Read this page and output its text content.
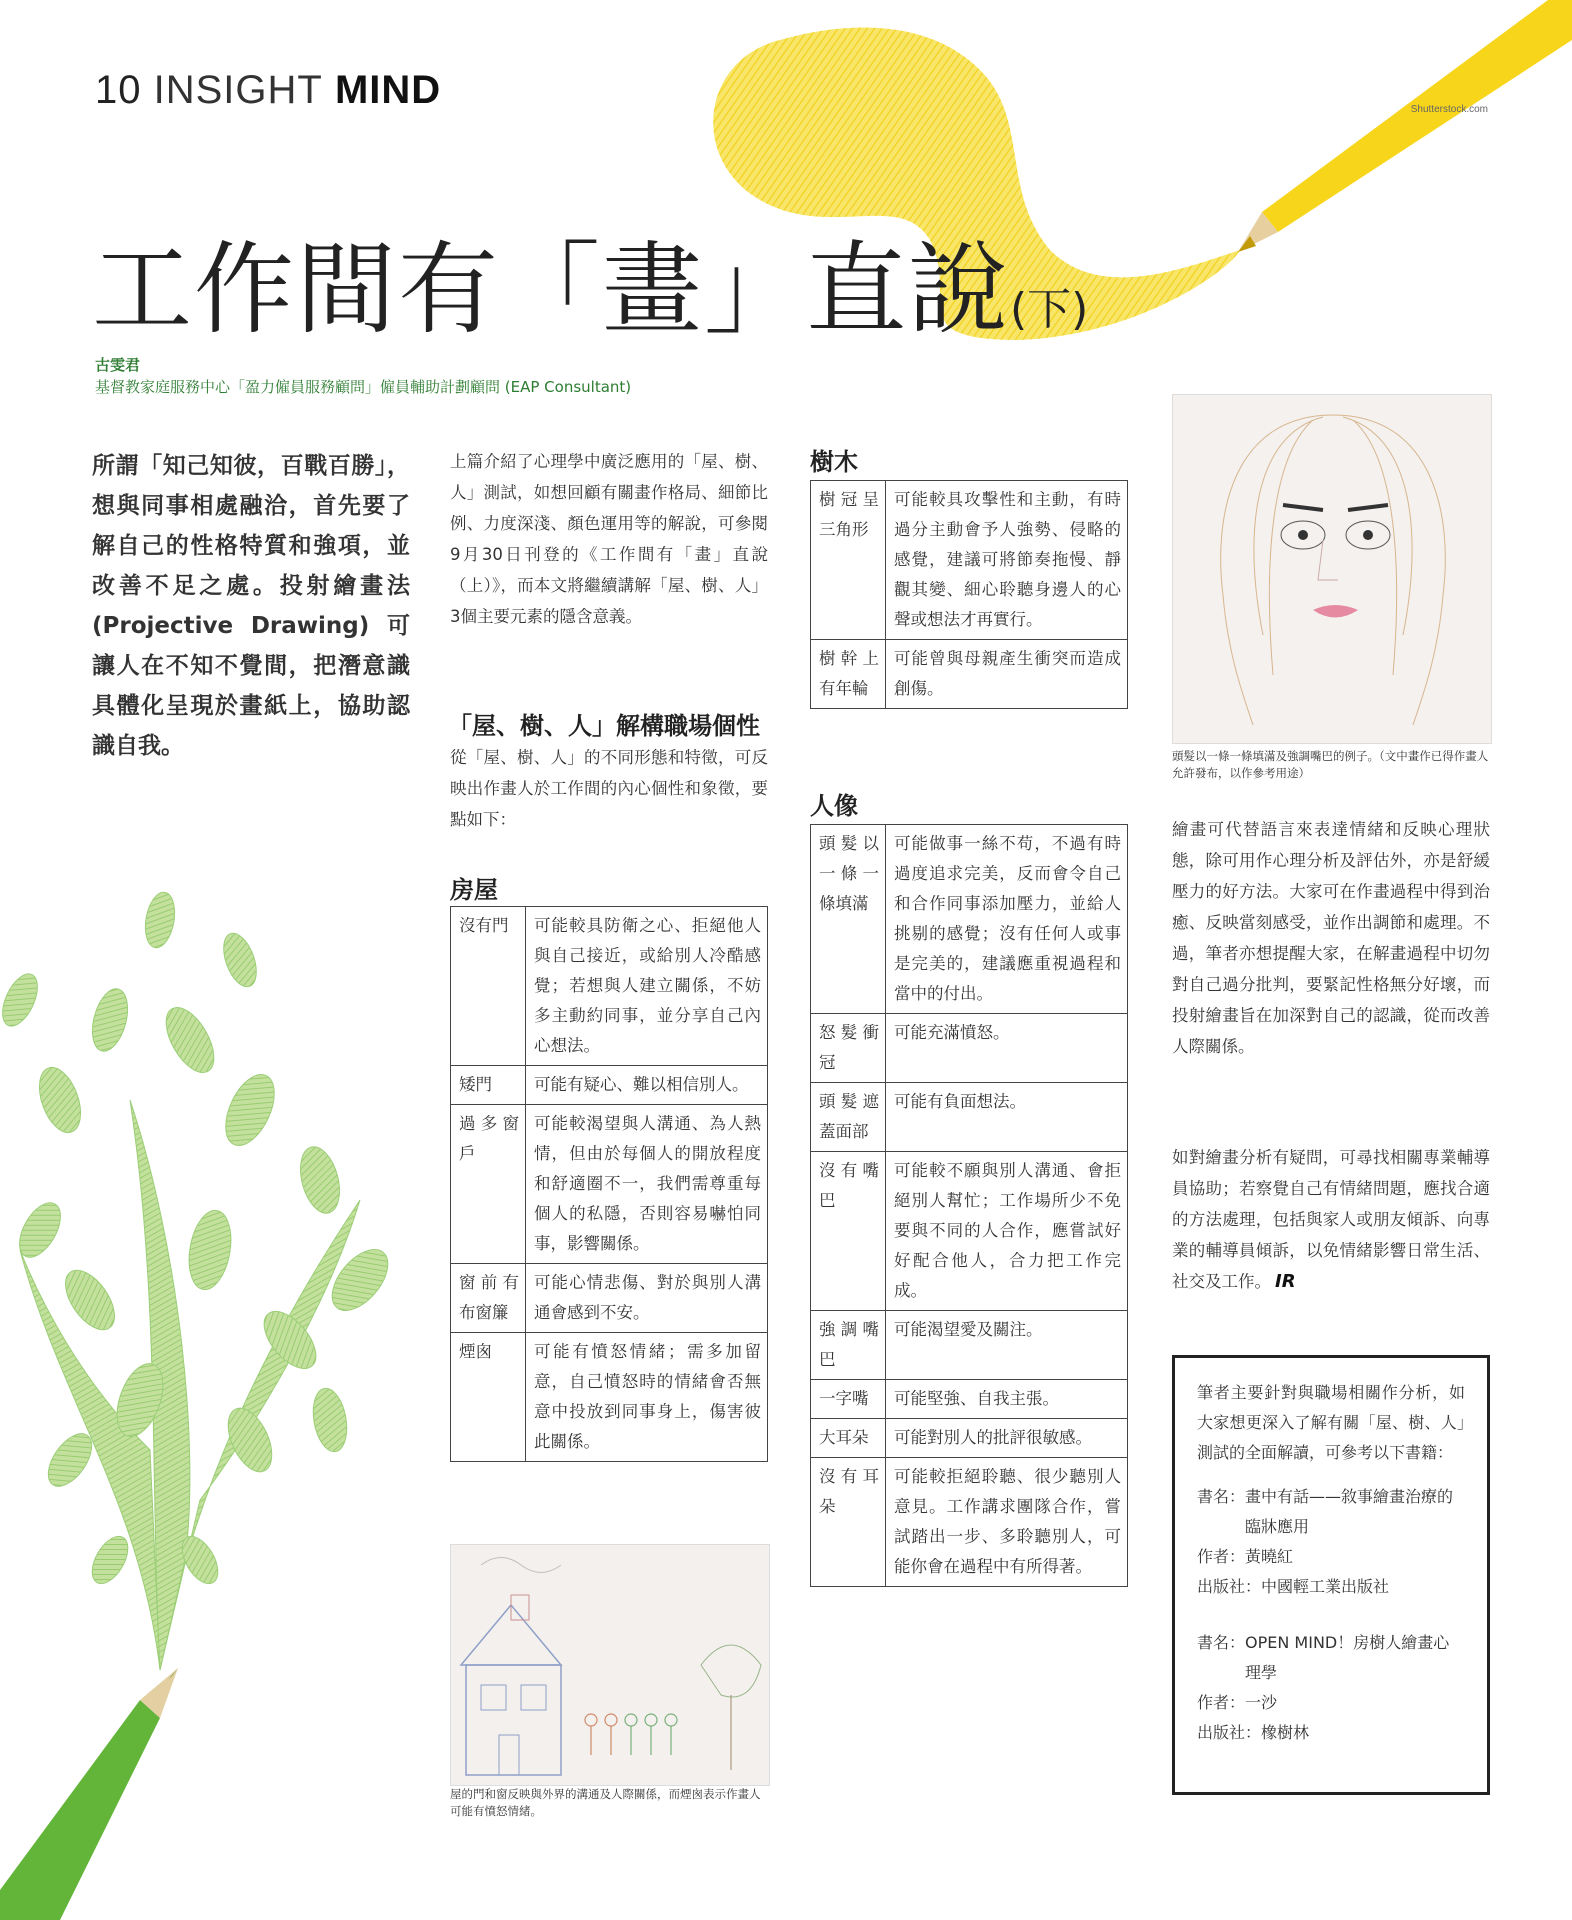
10 INSIGHT MIND	Shutterstock.com
工作間有「畫」直說(下)
古雯君
基督教家庭服務中心「盈力僱員服務顧問」僱員輔助計劃顧問 (EAP Consultant)
所謂「知己知彼，百戰百勝」，想與同事相處融洽，首先要了解自己的性格特質和強項，並改善不足之處。投射繪畫法 (Projective Drawing) 可讓人在不知不覺間，把潛意識具體化呈現於畫紙上，協助認識自我。
上篇介紹了心理學中廣泛應用的「屋、樹、人」測試，如想回顧有關畫作格局、細節比例、力度深淺、顏色運用等的解說，可參閱9月30日刊登的《工作間有「畫」直說（上）》，而本文將繼續講解「屋、樹、人」3個主要元素的隱含意義。
「屋、樹、人」解構職場個性
從「屋、樹、人」的不同形態和特徵，可反映出作畫人於工作間的內心個性和象徵，要點如下：
房屋
沒有門	可能較具防衛之心、拒絕他人與自己接近，或給別人冷酷感覺；若想與人建立關係，不妨多主動約同事，並分享自己內心想法。
矮門	可能有疑心、難以相信別人。
過多窗戶	可能較渴望與人溝通、為人熱情，但由於每個人的開放程度和舒適圈不一，我們需尊重每個人的私隱，否則容易嚇怕同事，影響關係。
窗前有布窗簾	可能心情悲傷、對於與別人溝通會感到不安。
煙囪	可能有憤怒情緒；需多加留意，自己憤怒時的情緒會否無意中投放到同事身上，傷害彼此關係。
屋的門和窗反映與外界的溝通及人際關係，而煙囪表示作畫人可能有憤怒情緒。
樹木
樹冠呈三角形	可能較具攻擊性和主動，有時過分主動會予人強勢、侵略的感覺，建議可將節奏拖慢、靜觀其變、細心聆聽身邊人的心聲或想法才再實行。
樹幹上有年輪	可能曾與母親產生衝突而造成創傷。
人像
頭髮以一條一條填滿	可能做事一絲不苟，不過有時過度追求完美，反而會令自己和合作同事添加壓力，並給人挑剔的感覺；沒有任何人或事是完美的，建議應重視過程和當中的付出。
怒髮衝冠	可能充滿憤怒。
頭髮遮蓋面部	可能有負面想法。
沒有嘴巴	可能較不願與別人溝通、會拒絕別人幫忙；工作場所少不免要與不同的人合作，應嘗試好好配合他人，合力把工作完成。
強調嘴巴	可能渴望愛及關注。
一字嘴	可能堅強、自我主張。
大耳朵	可能對別人的批評很敏感。
沒有耳朵	可能較拒絕聆聽、很少聽別人意見。工作講求團隊合作，嘗試踏出一步、多聆聽別人，可能你會在過程中有所得著。
頭髮以一條一條填滿及強調嘴巴的例子。（文中畫作已得作畫人允許發布，以作參考用途）
繪畫可代替語言來表達情緒和反映心理狀態，除可用作心理分析及評估外，亦是舒緩壓力的好方法。大家可在作畫過程中得到治癒、反映當刻感受，並作出調節和處理。不過，筆者亦想提醒大家，在解畫過程中切勿對自己過分批判，要緊記性格無分好壞，而投射繪畫旨在加深對自己的認識，從而改善人際關係。
如對繪畫分析有疑問，可尋找相關專業輔導員協助；若察覺自己有情緒問題，應找合適的方法處理，包括與家人或朋友傾訴、向專業的輔導員傾訴，以免情緒影響日常生活、社交及工作。 IR
筆者主要針對與職場相關作分析，如大家想更深入了解有關「屋、樹、人」測試的全面解讀，可參考以下書籍：
書名： 畫中有話——敘事繪畫治療的臨牀應用
作者： 黃曉紅
出版社： 中國輕工業出版社
書名： OPEN MIND！房樹人繪畫心理學
作者： 一沙
出版社： 橡樹林
